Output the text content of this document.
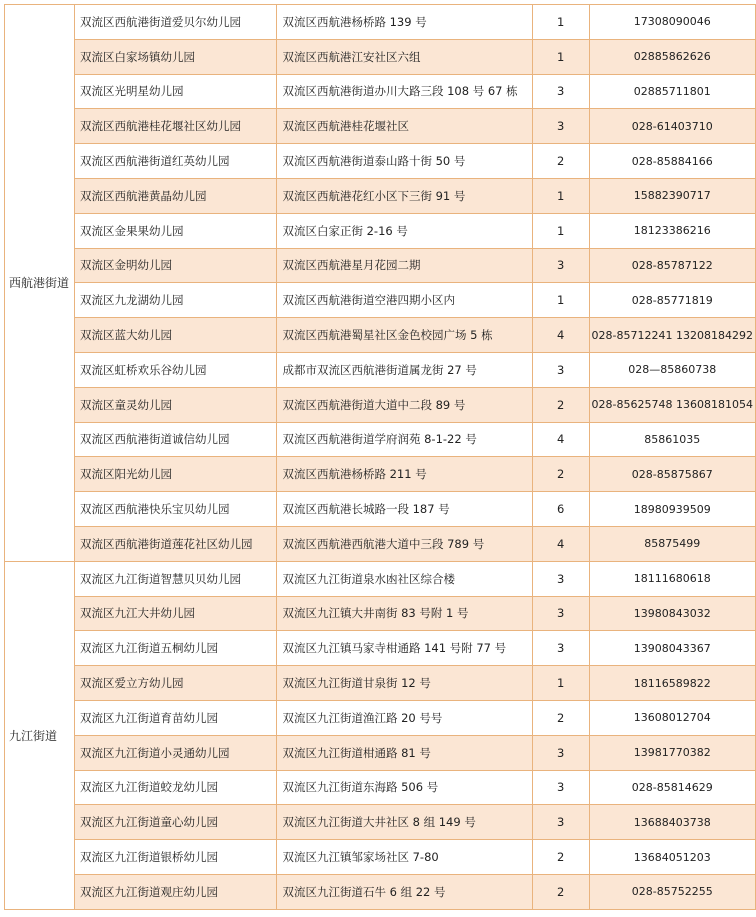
西航港街道	双流区西航港街道爱贝尔幼儿园	双流区西航港杨桥路 139 号	1	17308090046
	双流区白家场镇幼儿园	双流区西航港江安社区六组	1	02885862626
	双流区光明星幼儿园	双流区西航港街道办川大路三段 108 号 67 栋	3	02885711801
	双流区西航港桂花堰社区幼儿园	双流区西航港桂花堰社区	3	028-61403710
	双流区西航港街道红英幼儿园	双流区西航港街道泰山路十街 50 号	2	028-85884166
	双流区西航港黄晶幼儿园	双流区西航港花红小区下三街 91 号	1	15882390717
	双流区金果果幼儿园	双流区白家正街 2-16 号	1	18123386216
	双流区金明幼儿园	双流区西航港星月花园二期	3	028-85787122
	双流区九龙湖幼儿园	双流区西航港街道空港四期小区内	1	028-85771819
	双流区蓝大幼儿园	双流区西航港蜀星社区金色校园广场 5 栋	4	028-85712241 13208184292
	双流区虹桥欢乐谷幼儿园	成都市双流区西航港街道属龙街 27 号	3	028—85860738
	双流区童灵幼儿园	双流区西航港街道大道中二段 89 号	2	028-85625748 13608181054
	双流区西航港街道诚信幼儿园	双流区西航港街道学府润苑 8-1-22 号	4	85861035
	双流区阳光幼儿园	双流区西航港杨桥路 211 号	2	028-85875867
	双流区西航港快乐宝贝幼儿园	双流区西航港长城路一段 187 号	6	18980939509
	双流区西航港街道莲花社区幼儿园	双流区西航港西航港大道中三段 789 号	4	85875499
九江街道	双流区九江街道智慧贝贝幼儿园	双流区九江街道泉水凼社区综合楼	3	18111680618
	双流区九江大井幼儿园	双流区九江镇大井南街 83 号附 1 号	3	13980843032
	双流区九江街道五桐幼儿园	双流区九江镇马家寺柑通路 141 号附 77 号	3	13908043367
	双流区爱立方幼儿园	双流区九江街道甘泉街 12 号	1	18116589822
	双流区九江街道育苗幼儿园	双流区九江街道渔江路 20 号号	2	13608012704
	双流区九江街道小灵通幼儿园	双流区九江街道柑通路 81 号	3	13981770382
	双流区九江街道蛟龙幼儿园	双流区九江街道东海路 506 号	3	028-85814629
	双流区九江街道童心幼儿园	双流区九江街道大井社区 8 组 149 号	3	13688403738
	双流区九江街道银桥幼儿园	双流区九江镇邹家场社区 7-80	2	13684051203
	双流区九江街道观庄幼儿园	双流区九江街道石牛 6 组 22 号	2	028-85752255
